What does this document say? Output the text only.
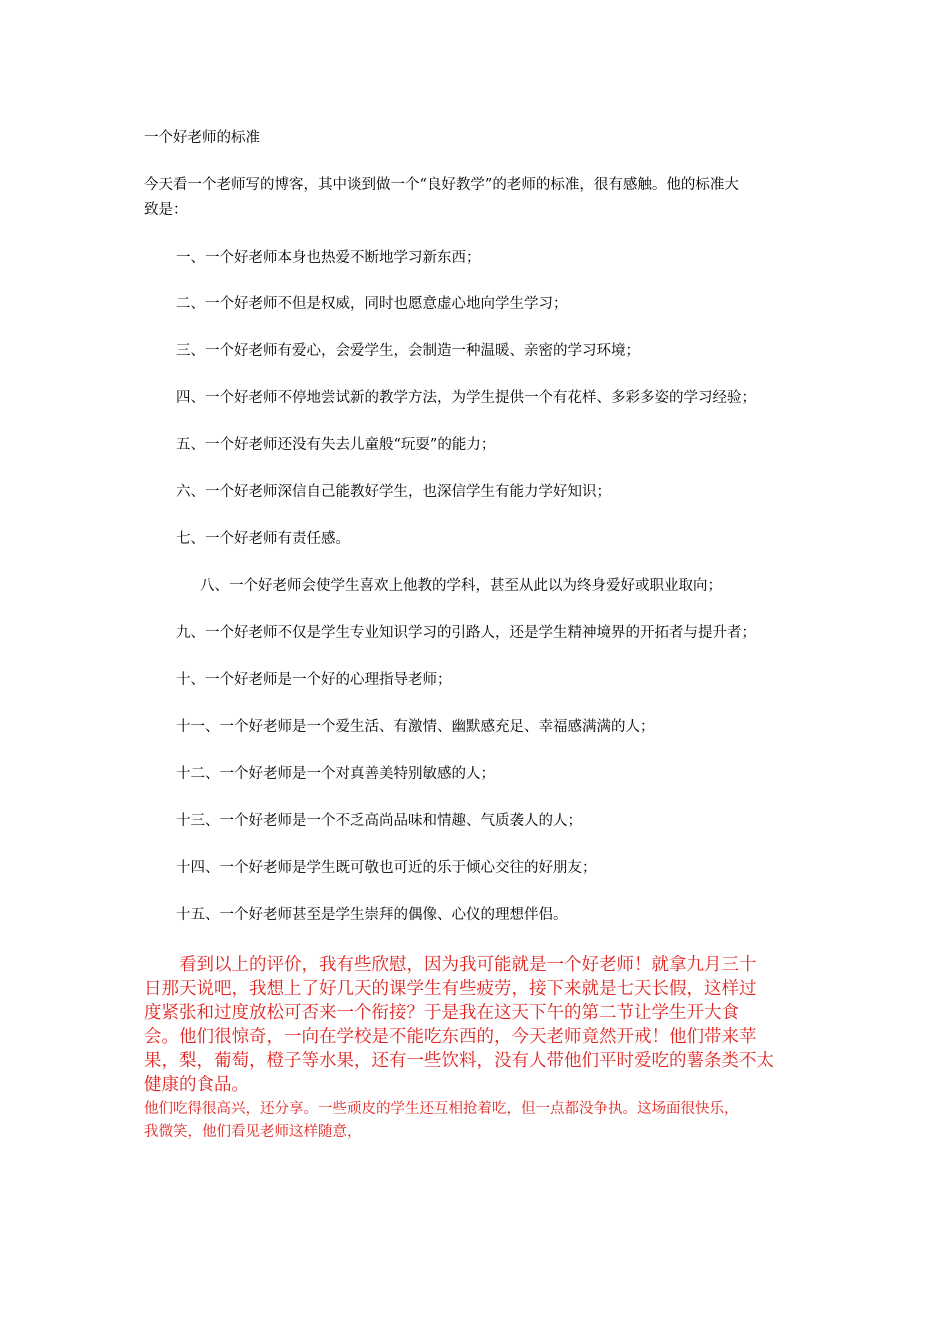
一个好老师的标准
今天看一个老师写的博客，其中谈到做一个“良好教学”的老师的标准，很有感触。他的标准大
致是：
一、一个好老师本身也热爱不断地学习新东西；
二、一个好老师不但是权威，同时也愿意虚心地向学生学习；
三、一个好老师有爱心，会爱学生，会制造一种温暖、亲密的学习环境；
四、一个好老师不停地尝试新的教学方法，为学生提供一个有花样、多彩多姿的学习经验；
五、一个好老师还没有失去儿童般“玩耍”的能力；
六、一个好老师深信自己能教好学生，也深信学生有能力学好知识；
七、一个好老师有责任感。
八、一个好老师会使学生喜欢上他教的学科，甚至从此以为终身爱好或职业取向；
九、一个好老师不仅是学生专业知识学习的引路人，还是学生精神境界的开拓者与提升者；
十、一个好老师是一个好的心理指导老师；
十一、一个好老师是一个爱生活、有激情、幽默感充足、幸福感满满的人；
十二、一个好老师是一个对真善美特别敏感的人；
十三、一个好老师是一个不乏高尚品味和情趣、气质袭人的人；
十四、一个好老师是学生既可敬也可近的乐于倾心交往的好朋友；
十五、一个好老师甚至是学生崇拜的偶像、心仪的理想伴侣。
　　看到以上的评价，我有些欣慰，因为我可能就是一个好老师！就拿九月三十
日那天说吧，我想上了好几天的课学生有些疲劳，接下来就是七天长假，这样过
度紧张和过度放松可否来一个衔接？于是我在这天下午的第二节让学生开大食
会。他们很惊奇，一向在学校是不能吃东西的，今天老师竟然开戒！他们带来苹
果，梨，葡萄，橙子等水果，还有一些饮料，没有人带他们平时爱吃的薯条类不太
健康的食品。
他们吃得很高兴，还分享。一些顽皮的学生还互相抢着吃，但一点都没争执。这场面很快乐，
我微笑，他们看见老师这样随意，
